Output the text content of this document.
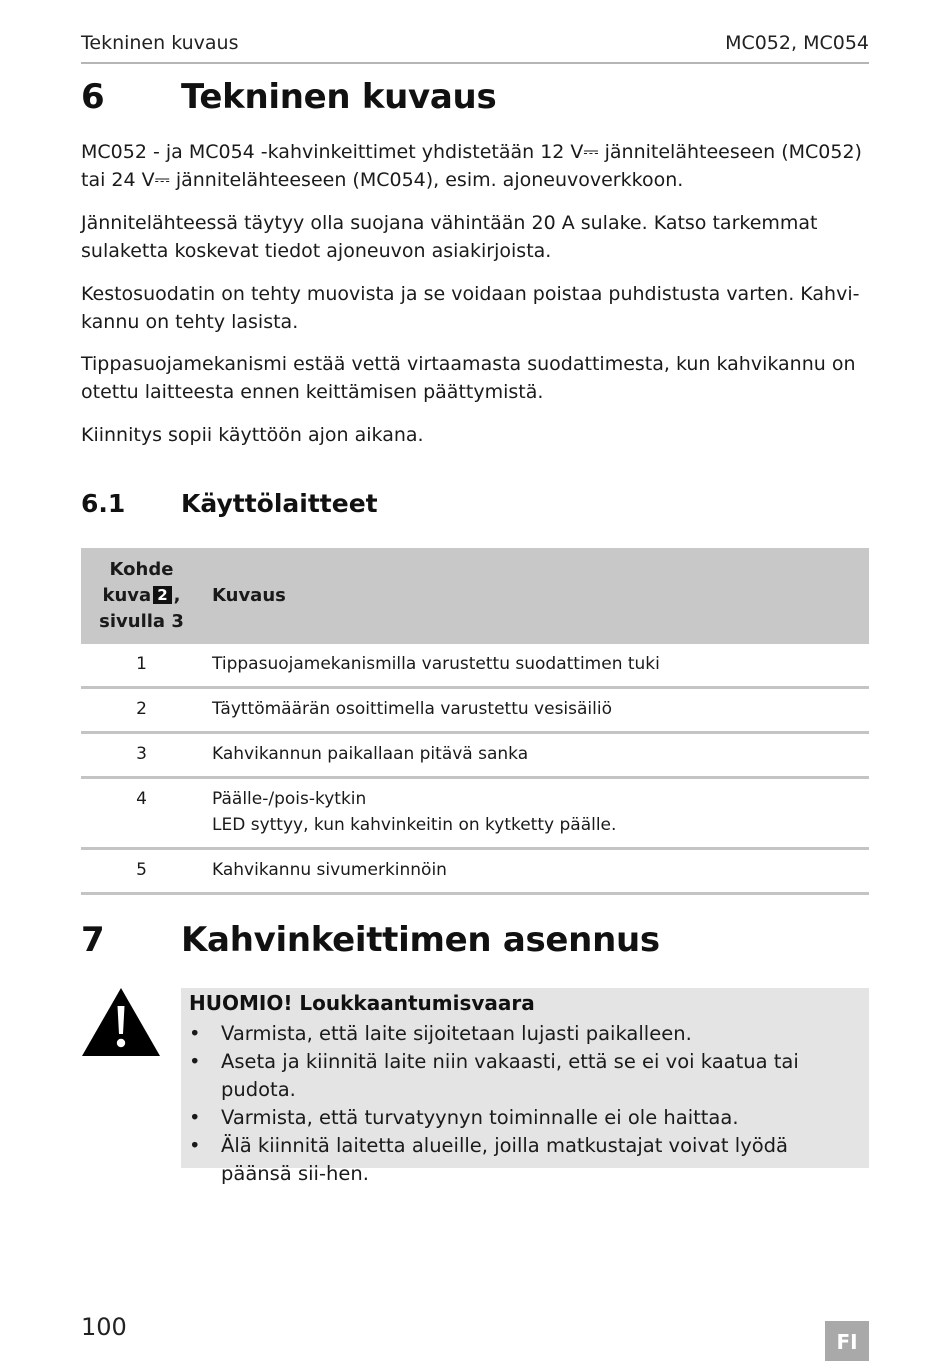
Tekninen kuvaus	MC052, MC054
6 Tekninen kuvaus

MC052 - ja MC054 -kahvinkeittimet yhdistetään 12 V⎓ jännitelähteeseen (MC052) tai 24 V⎓ jännitelähteeseen (MC054), esim. ajoneuvoverkkoon.

Jännitelähteessä täytyy olla suojana vähintään 20 A sulake. Katso tarkemmat sulaketta koskevat tiedot ajoneuvon asiakirjoista.

Kestosuodatin on tehty muovista ja se voidaan poistaa puhdistusta varten. Kahvi-kannu on tehty lasista.

Tippasuojamekanismi estää vettä virtaamasta suodattimesta, kun kahvikannu on otettu laitteesta ennen keittämisen päättymistä.

Kiinnitys sopii käyttöön ajon aikana.

6.1 Käyttölaitteet
Kohde
kuva 2 ,
sivulla 3	Kuvaus
1	Tippasuojamekanismilla varustettu suodattimen tuki
2	Täyttömäärän osoittimella varustettu vesisäiliö
3	Kahvikannun paikallaan pitävä sanka
4	Päälle-/pois-kytkin
LED syttyy, kun kahvinkeitin on kytketty päälle.
5	Kahvikannu sivumerkinnöin
7 Kahvinkeittimen asennus
HUOMIO! Loukkaantumisvaara
• Varmista, että laite sijoitetaan lujasti paikalleen.
• Aseta ja kiinnitä laite niin vakaasti, että se ei voi kaatua tai pudota.
• Varmista, että turvatyynyn toiminnalle ei ole haittaa.
• Älä kiinnitä laitetta alueille, joilla matkustajat voivat lyödä päänsä sii-hen.
100
FI
